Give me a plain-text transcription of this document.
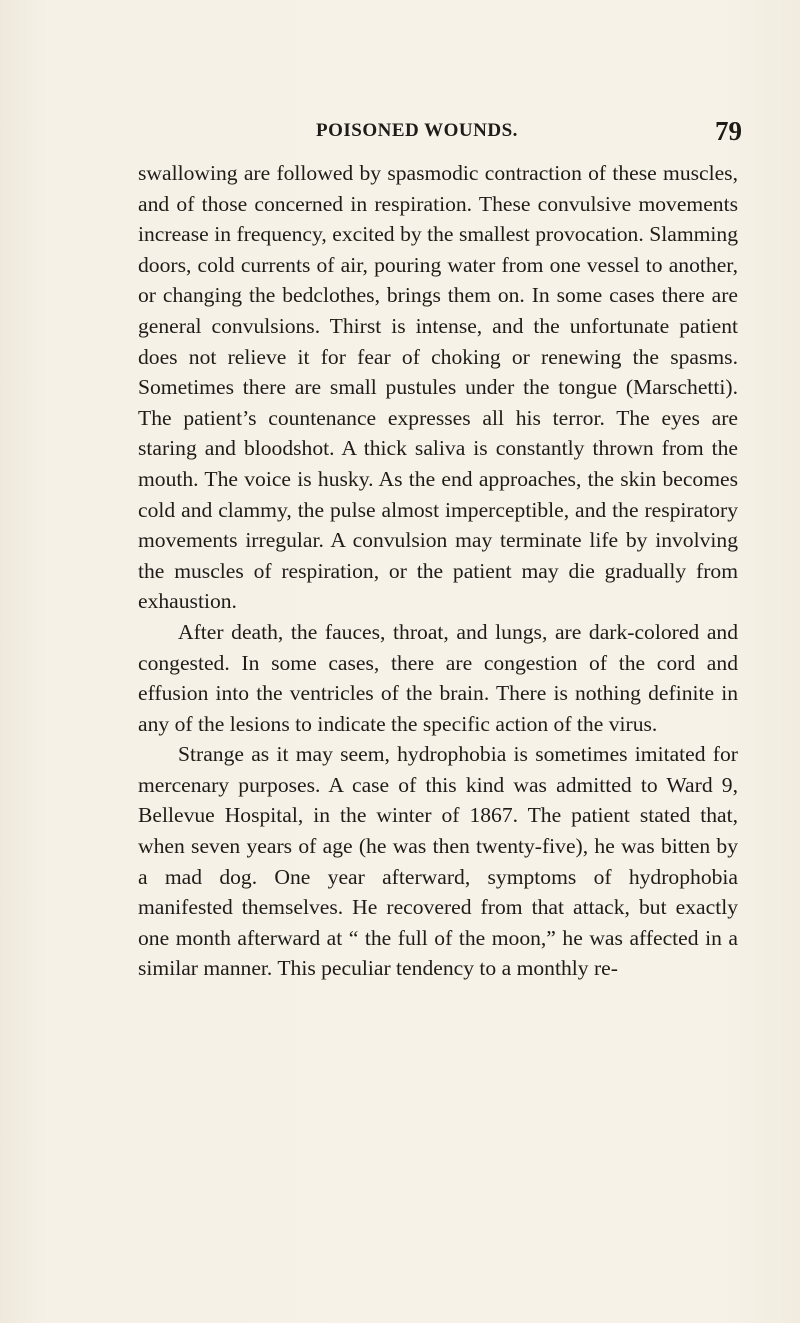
POISONED WOUNDS.	79

swallowing are followed by spasmodic contraction of these muscles, and of those concerned in respiration. These convulsive movements increase in frequency, excited by the smallest provocation. Slamming doors, cold currents of air, pouring water from one vessel to another, or changing the bedclothes, brings them on. In some cases there are general convulsions. Thirst is intense, and the unfortunate patient does not relieve it for fear of choking or renewing the spasms. Sometimes there are small pustules under the tongue (Marschetti). The patient’s countenance expresses all his terror. The eyes are staring and bloodshot. A thick saliva is constantly thrown from the mouth. The voice is husky. As the end approaches, the skin becomes cold and clammy, the pulse almost imperceptible, and the respiratory movements irregular. A convulsion may terminate life by involving the muscles of respiration, or the patient may die gradually from exhaustion.

After death, the fauces, throat, and lungs, are dark-colored and congested. In some cases, there are congestion of the cord and effusion into the ventricles of the brain. There is nothing definite in any of the lesions to indicate the specific action of the virus.

Strange as it may seem, hydrophobia is sometimes imitated for mercenary purposes. A case of this kind was admitted to Ward 9, Bellevue Hospital, in the winter of 1867. The patient stated that, when seven years of age (he was then twenty-five), he was bitten by a mad dog. One year afterward, symptoms of hydrophobia manifested themselves. He recovered from that attack, but exactly one month afterward at “ the full of the moon,” he was affected in a similar manner. This peculiar tendency to a monthly re-
